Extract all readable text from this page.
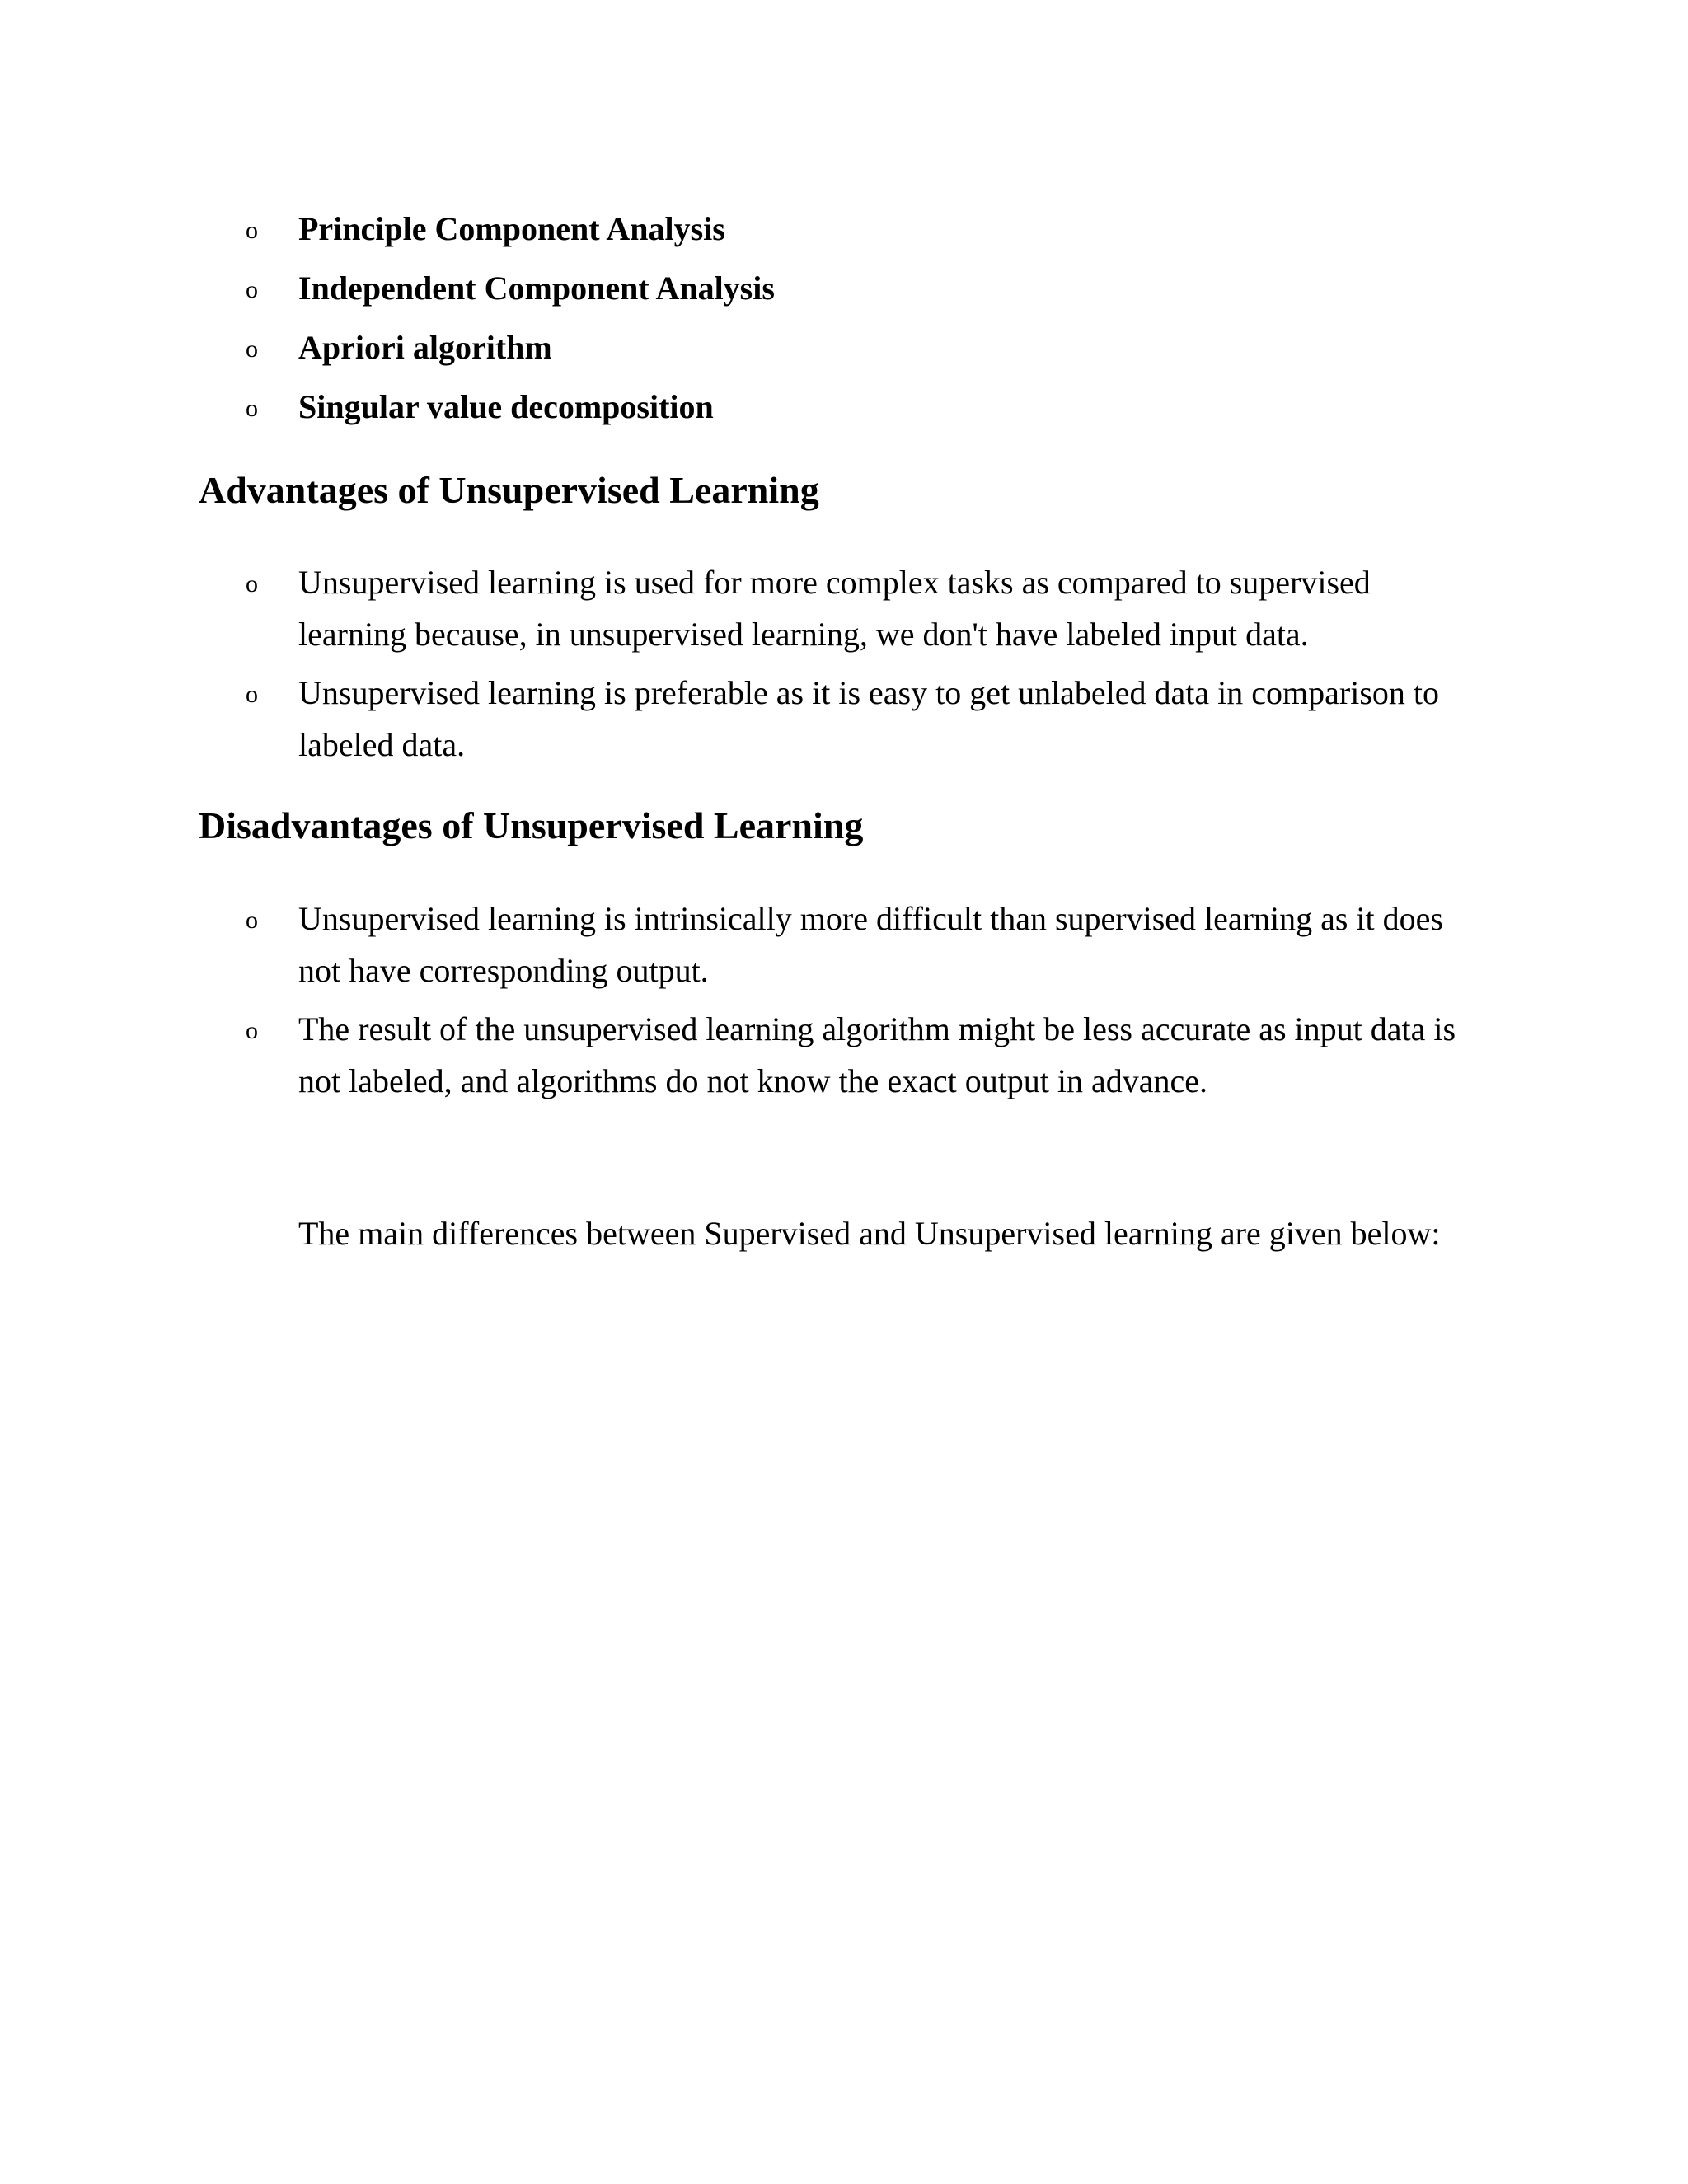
o Principle Component Analysis
o Independent Component Analysis
o Apriori algorithm
o Singular value decomposition
Advantages of Unsupervised Learning
o Unsupervised learning is used for more complex tasks as compared to supervised learning because, in unsupervised learning, we don't have labeled input data.
o Unsupervised learning is preferable as it is easy to get unlabeled data in comparison to labeled data.
Disadvantages of Unsupervised Learning
o Unsupervised learning is intrinsically more difficult than supervised learning as it does not have corresponding output.
o The result of the unsupervised learning algorithm might be less accurate as input data is not labeled, and algorithms do not know the exact output in advance.

The main differences between Supervised and Unsupervised learning are given below:
